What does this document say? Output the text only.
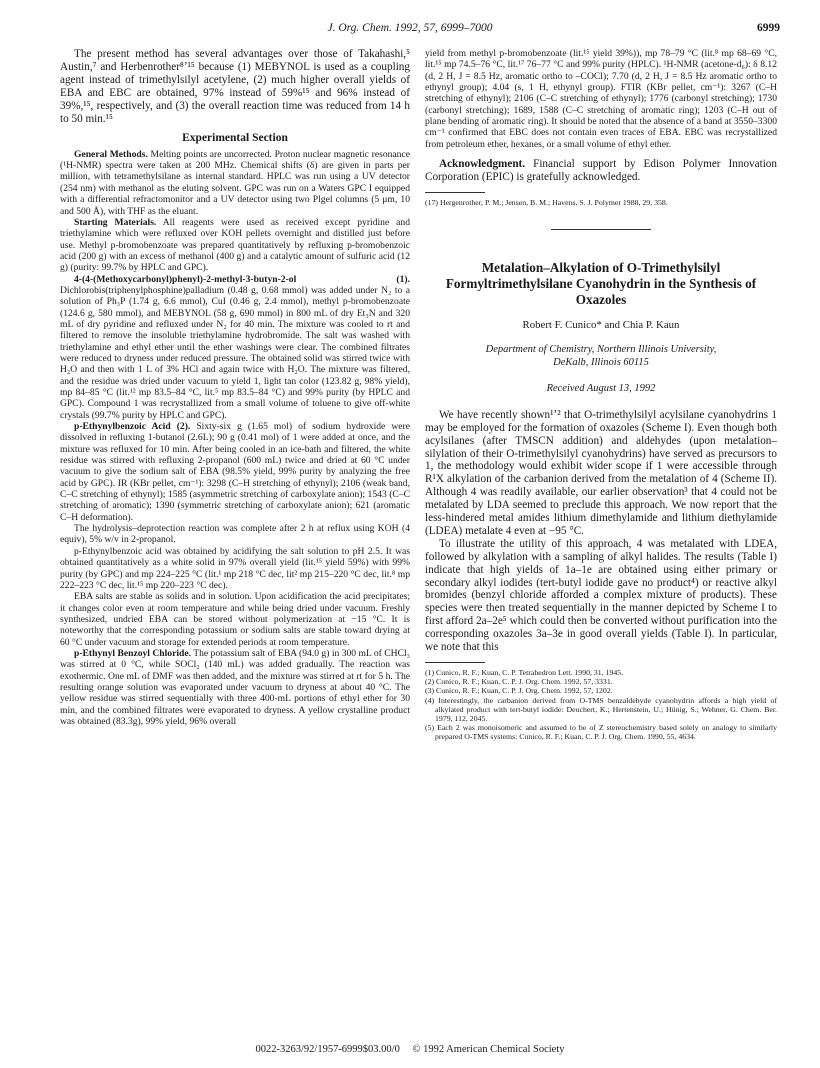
J. Org. Chem. 1992, 57, 6999–7000	6999

The present method has several advantages over those of Takahashi,⁵ Austin,⁷ and Herbenrother⁸ʼ¹⁵ because (1) MEBYNOL is used as a coupling agent instead of trimethylsilyl acetylene, (2) much higher overall yields of EBA and EBC are obtained, 97% instead of 59%¹⁵ and 96% instead of 39%,¹⁵, respectively, and (3) the overall reaction time was reduced from 14 h to 50 min.¹⁵

Experimental Section

General Methods. Melting points are uncorrected. Proton nuclear magnetic resonance (¹H-NMR) spectra were taken at 200 MHz. Chemical shifts (δ) are given in parts per million, with tetramethylsilane as internal standard. HPLC was run using a UV detector (254 nm) with methanol as the eluting solvent. GPC was run on a Waters GPC I equipped with a differential refractomonitor and a UV detector using two Plgel columns (5 μm, 10 and 500 Å), with THF as the eluant.

Starting Materials. All reagents were used as received except pyridine and triethylamine which were refluxed over KOH pellets overnight and distilled just before use. Methyl p-bromobenzoate was prepared quantitatively by refluxing p-bromobenzoic acid (200 g) with an excess of methanol (400 g) and a catalytic amount of sulfuric acid (12 g) (purity: 99.7% by HPLC and GPC).

4-(4-(Methoxycarbonyl)phenyl)-2-methyl-3-butyn-2-ol (1). Dichlorobis(triphenylphosphine)palladium (0.48 g, 0.68 mmol) was added under N₂ to a solution of Ph₃P (1.74 g, 6.6 mmol), CuI (0.46 g, 2.4 mmol), methyl p-bromobenzoate (124.6 g, 580 mmol), and MEBYNOL (58 g, 690 mmol) in 800 mL of dry Et₃N and 320 mL of dry pyridine and refluxed under N₂ for 40 min. The mixture was cooled to rt and filtered to remove the insoluble triethylamine hydrobromide. The salt was washed with triethylamine and ethyl ether until the ether washings were clear. The combined filtrates were reduced to dryness under reduced pressure. The obtained solid was stirred twice with H₂O and then with 1 L of 3% HCl and again twice with H₂O. The mixture was filtered, and the residue was dried under vacuum to yield 1, light tan color (123.82 g, 98% yield), mp 84–85 °C (lit.¹² mp 83.5–84 °C, lit.⁵ mp 83.5–84 °C) and 99% purity (by HPLC and GPC). Compound 1 was recrystallized from a small volume of toluene to give off-white crystals (99.7% purity by HPLC and GPC).

p-Ethynylbenzoic Acid (2). Sixty-six g (1.65 mol) of sodium hydroxide were dissolved in refluxing 1-butanol (2.6L); 90 g (0.41 mol) of 1 were added at once, and the mixture was refluxed for 10 min. After being cooled in an ice-bath and filtered, the white residue was stirred with refluxing 2-propanol (600 mL) twice and dried at 60 °C under vacuum to give the sodium salt of EBA (98.5% yield, 99% purity by analyzing the free acid by GPC). IR (KBr pellet, cm⁻¹): 3298 (C–H stretching of ethynyl); 2106 (weak band, C–C stretching of ethynyl); 1585 (asymmetric stretching of carboxylate anion); 1543 (C–C stretching of aromatic); 1390 (symmetric stretching of carboxylate anion); 621 (aromatic C–H deformation).

The hydrolysis–deprotection reaction was complete after 2 h at reflux using KOH (4 equiv), 5% w/v in 2-propanol.

p-Ethynylbenzoic acid was obtained by acidifying the salt solution to pH 2.5. It was obtained quantitatively as a white solid in 97% overall yield (lit.¹⁵ yield 59%) with 99% purity (by GPC) and mp 224–225 °C (lit.¹ mp 218 °C dec, lit² mp 215–220 °C dec, lit.⁸ mp 222–223 °C dec, lit.¹⁵ mp 220–223 °C dec).

EBA salts are stable as solids and in solution. Upon acidification the acid precipitates; it changes color even at room temperature and while being dried under vacuum. Freshly synthesized, undried EBA can be stored without polymerization at −15 °C. It is noteworthy that the corresponding potassium or sodium salts are stable toward drying at 60 °C under vacuum and storage for extended periods at room temperature.

p-Ethynyl Benzoyl Chloride. The potassium salt of EBA (94.0 g) in 300 mL of CHCl₃ was stirred at 0 °C, while SOCl₂ (140 mL) was added gradually. The reaction was exothermic. One mL of DMF was then added, and the mixture was stirred at rt for 5 h. The resulting orange solution was evaporated under vacuum to dryness at about 40 °C. The yellow residue was stirred sequentially with three 400-mL portions of ethyl ether for 30 min, and the combined filtrates were evaporated to dryness. A yellow crystalline product was obtained (83.3g), 99% yield, 96% overall

yield from methyl p-bromobenzoate (lit.¹⁵ yield 39%)), mp 78–79 °C (lit.⁸ mp 68–69 °C, lit.¹⁵ mp 74.5–76 °C, lit.¹⁷ 76–77 °C and 99% purity (HPLC). ¹H-NMR (acetone-d₆): δ 8.12 (d, 2 H, J = 8.5 Hz, aromatic ortho to –COCl); 7.70 (d, 2 H, J = 8.5 Hz aromatic ortho to ethynyl group); 4.04 (s, 1 H, ethynyl group). FTIR (KBr pellet, cm⁻¹): 3267 (C–H stretching of ethynyl); 2106 (C–C stretching of ethynyl); 1776 (carbonyl stretching); 1730 (carbonyl stretching); 1689, 1588 (C–C stretching of aromatic ring); 1203 (C–H out of plane bending of aromatic ring). It should be noted that the absence of a band at 3550–3300 cm⁻¹ confirmed that EBC does not contain even traces of EBA. EBC was recrystallized from petroleum ether, hexanes, or a small volume of ethyl ether.

Acknowledgment. Financial support by Edison Polymer Innovation Corporation (EPIC) is gratefully acknowledged.

(17) Hergenrother, P. M.; Jensen, B. M.; Havens, S. J. Polymer 1988, 29, 358.

Metalation–Alkylation of O-Trimethylsilyl Formyltrimethylsilane Cyanohydrin in the Synthesis of Oxazoles
Robert F. Cunico* and Chia P. Kaun
Department of Chemistry, Northern Illinois University,
DeKalb, Illinois 60115
Received August 13, 1992

We have recently shown¹ʼ² that O-trimethylsilyl acylsilane cyanohydrins 1 may be employed for the formation of oxazoles (Scheme I). Even though both acylsilanes (after TMSCN addition) and aldehydes (upon metalation–silylation of their O-trimethylsilyl cyanohydrins) have served as precursors to 1, the methodology would exhibit wider scope if 1 were accessible through R¹X alkylation of the carbanion derived from the metalation of 4 (Scheme II). Although 4 was readily available, our earlier observation³ that 4 could not be metalated by LDA seemed to preclude this approach. We now report that the less-hindered metal amides lithium dimethylamide and lithium diethylamide (LDEA) metalate 4 even at −95 °C.

To illustrate the utility of this approach, 4 was metalated with LDEA, followed by alkylation with a sampling of alkyl halides. The results (Table I) indicate that high yields of 1a–1e are obtained using either primary or secondary alkyl iodides (tert-butyl iodide gave no product⁴) or reactive alkyl bromides (benzyl chloride afforded a complex mixture of products). These species were then treated sequentially in the manner depicted by Scheme I to first afford 2a–2e⁵ which could then be converted without purification into the corresponding oxazoles 3a–3e in good overall yields (Table I). In particular, we note that this

(1) Cunico, R. F.; Kuan, C. P. Tetrahedron Lett. 1990, 31, 1945.

(2) Cunico, R. F.; Kuan, C. P. J. Org. Chem. 1992, 57, 3331.

(3) Cunico, R. F.; Kuan, C. P. J. Org. Chem. 1992, 57, 1202.

(4) Interestingly, the carbanion derived from O-TMS benzaldehyde cyanohydrin affords a high yield of alkylated product with tert-butyl iodide: Deuchert, K.; Hertenstein, U.; Hünig, S.; Wehner, G. Chem. Ber. 1979, 112, 2045.

(5) Each 2 was monoisomeric and assumed to be of Z stereochemistry based solely on analogy to similarly prepared O-TMS systems: Cunico, R. F.; Kuan, C. P. J. Org. Chem. 1990, 55, 4634.

0022-3263/92/1957-6999$03.00/0 © 1992 American Chemical Society
